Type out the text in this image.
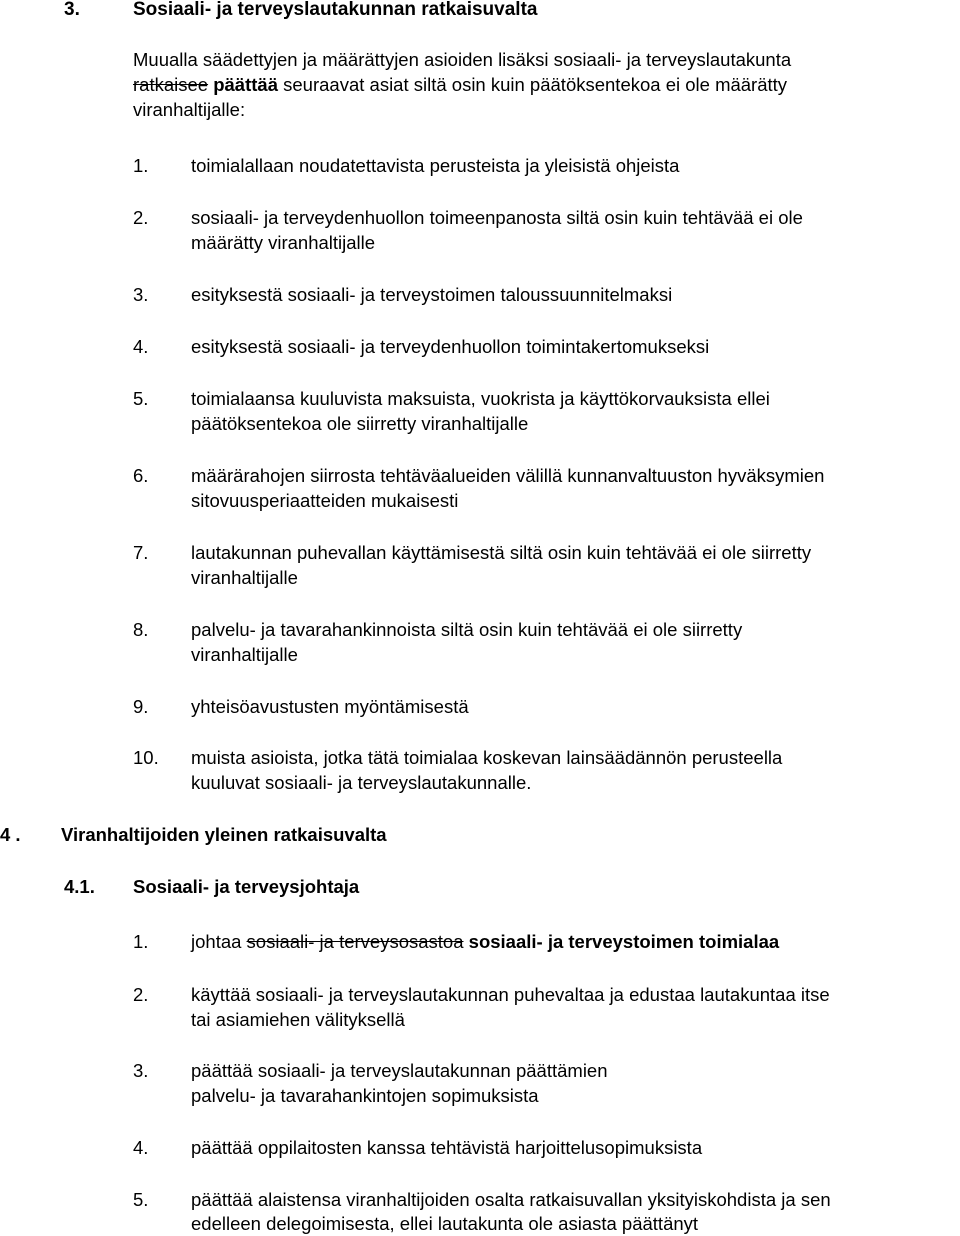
3.	Sosiaali- ja terveyslautakunnan ratkaisuvalta
Muualla säädettyjen ja määrättyjen asioiden lisäksi sosiaali- ja terveyslautakunta
ratkaisee päättää seuraavat asiat siltä osin kuin päätöksentekoa ei ole määrätty
viranhaltijalle:
1. toimialallaan noudatettavista perusteista ja yleisistä ohjeista
2. sosiaali- ja terveydenhuollon toimeenpanosta siltä osin kuin tehtävää ei ole
määrätty viranhaltijalle
3. esityksestä sosiaali- ja terveystoimen taloussuunnitelmaksi
4. esityksestä sosiaali- ja terveydenhuollon toimintakertomukseksi
5. toimialaansa kuuluvista maksuista, vuokrista ja käyttökorvauksista ellei
päätöksentekoa ole siirretty viranhaltijalle
6. määrärahojen siirrosta tehtäväalueiden välillä kunnanvaltuuston hyväksymien
sitovuusperiaatteiden mukaisesti
7. lautakunnan puhevallan käyttämisestä siltä osin kuin tehtävää ei ole siirretty
viranhaltijalle
8. palvelu- ja tavarahankinnoista siltä osin kuin tehtävää ei ole siirretty
viranhaltijalle
9. yhteisöavustusten myöntämisestä
10. muista asioista, jotka tätä toimialaa koskevan lainsäädännön perusteella
kuuluvat sosiaali- ja terveyslautakunnalle.
4 . Viranhaltijoiden yleinen ratkaisuvalta
4.1. Sosiaali- ja terveysjohtaja
1. johtaa sosiaali- ja terveysosastoa sosiaali- ja terveystoimen toimialaa
2. käyttää sosiaali- ja terveyslautakunnan puhevaltaa ja edustaa lautakuntaa itse
tai asiamiehen välityksellä
3. päättää sosiaali- ja terveyslautakunnan päättämien
palvelu- ja tavarahankintojen sopimuksista
4. päättää oppilaitosten kanssa tehtävistä harjoittelusopimuksista
5. päättää alaistensa viranhaltijoiden osalta ratkaisuvallan yksityiskohdista ja sen
edelleen delegoimisesta, ellei lautakunta ole asiasta päättänyt
